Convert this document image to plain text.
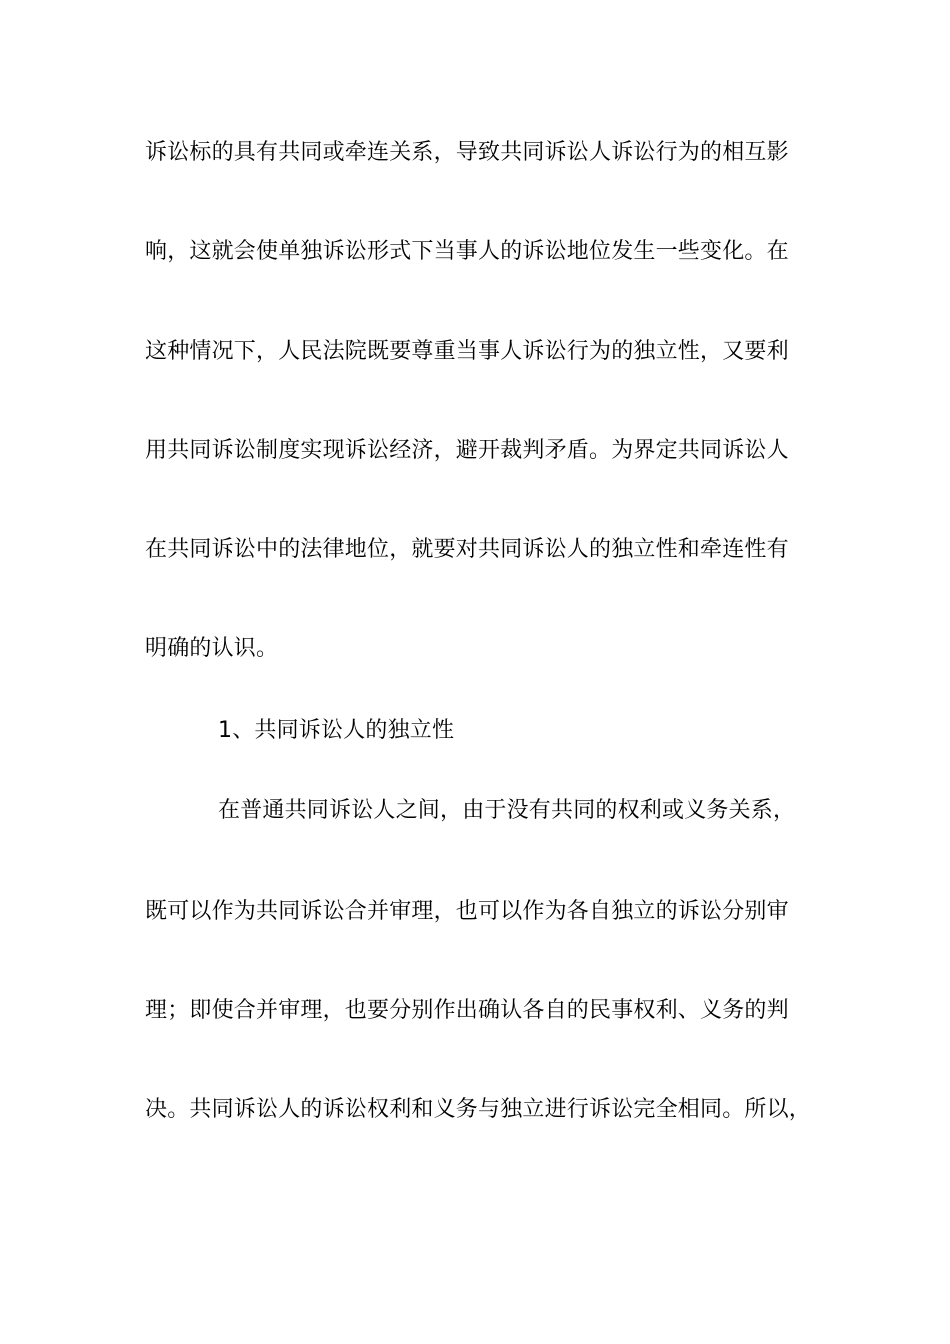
诉讼标的具有共同或牵连关系，导致共同诉讼人诉讼行为的相互影
响，这就会使单独诉讼形式下当事人的诉讼地位发生一些变化。在
这种情况下，人民法院既要尊重当事人诉讼行为的独立性，又要利
用共同诉讼制度实现诉讼经济，避开裁判矛盾。为界定共同诉讼人
在共同诉讼中的法律地位，就要对共同诉讼人的独立性和牵连性有
明确的认识。
1、共同诉讼人的独立性
在普通共同诉讼人之间，由于没有共同的权利或义务关系，
既可以作为共同诉讼合并审理，也可以作为各自独立的诉讼分别审
理；即使合并审理，也要分别作出确认各自的民事权利、义务的判
决。共同诉讼人的诉讼权利和义务与独立进行诉讼完全相同。所以，
